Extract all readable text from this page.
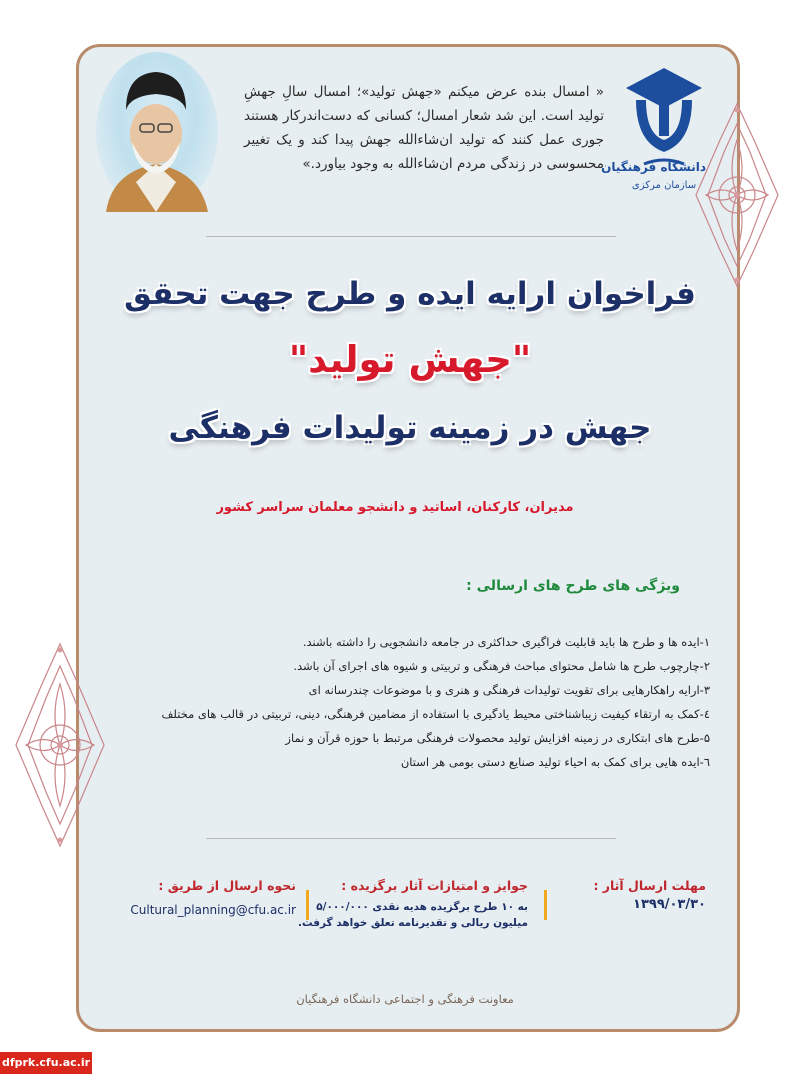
دانشگاه فرهنگیان
سازمان مرکزی

« امسال بنده عرض میکنم «جهش تولید»؛ امسال سالِ جهشِ تولید است. این شد شعار امسال؛ کسانی که دست‌اندرکار هستند جوری عمل کنند که تولید ان‌شاءالله جهش پیدا کند و یک تغییر محسوسی در زندگی مردم ان‌شاءالله به وجود بیاورد.»

فراخوان ارایه ایده و طرح جهت تحقق
"جهش تولید"
جهش در زمینه تولیدات فرهنگی

مدیران، کارکنان، اساتید و دانشجو معلمان سراسر کشور

ویژگی های طرح های ارسالی :
۱-ایده ها و طرح ها باید قابلیت فراگیری حداکثری در جامعه دانشجویی را داشته باشند.
۲-چارچوب طرح ها شامل محتوای مباحث فرهنگی و تربیتی و شیوه های اجرای آن باشد.
۳-ارایه راهکارهایی برای تقویت تولیدات فرهنگی و هنری و با موضوعات چندرسانه ای
٤-کمک به ارتقاء کیفیت زیباشناختی محیط یادگیری با استفاده از مضامین فرهنگی، دینی، تربیتی در قالب های مختلف
۵-طرح های ابتکاری در زمینه افزایش تولید محصولات فرهنگی مرتبط با حوزه قرآن و نماز
٦-ایده هایی برای کمک به احیاء تولید صنایع دستی بومی هر استان

مهلت ارسال آثار :

۱۳۹۹/۰۳/۳۰

جوایز و امتیازات آثار برگزیده :

به ۱۰ طرح برگزیده هدیه نقدی ۵/۰۰۰/۰۰۰

میلیون ریالی و تقدیرنامه تعلق خواهد گرفت.

نحوه ارسال از طریق :

Cultural_planning@cfu.ac.ir

معاونت فرهنگی و اجتماعی دانشگاه فرهنگیان

dfprk.cfu.ac.ir
